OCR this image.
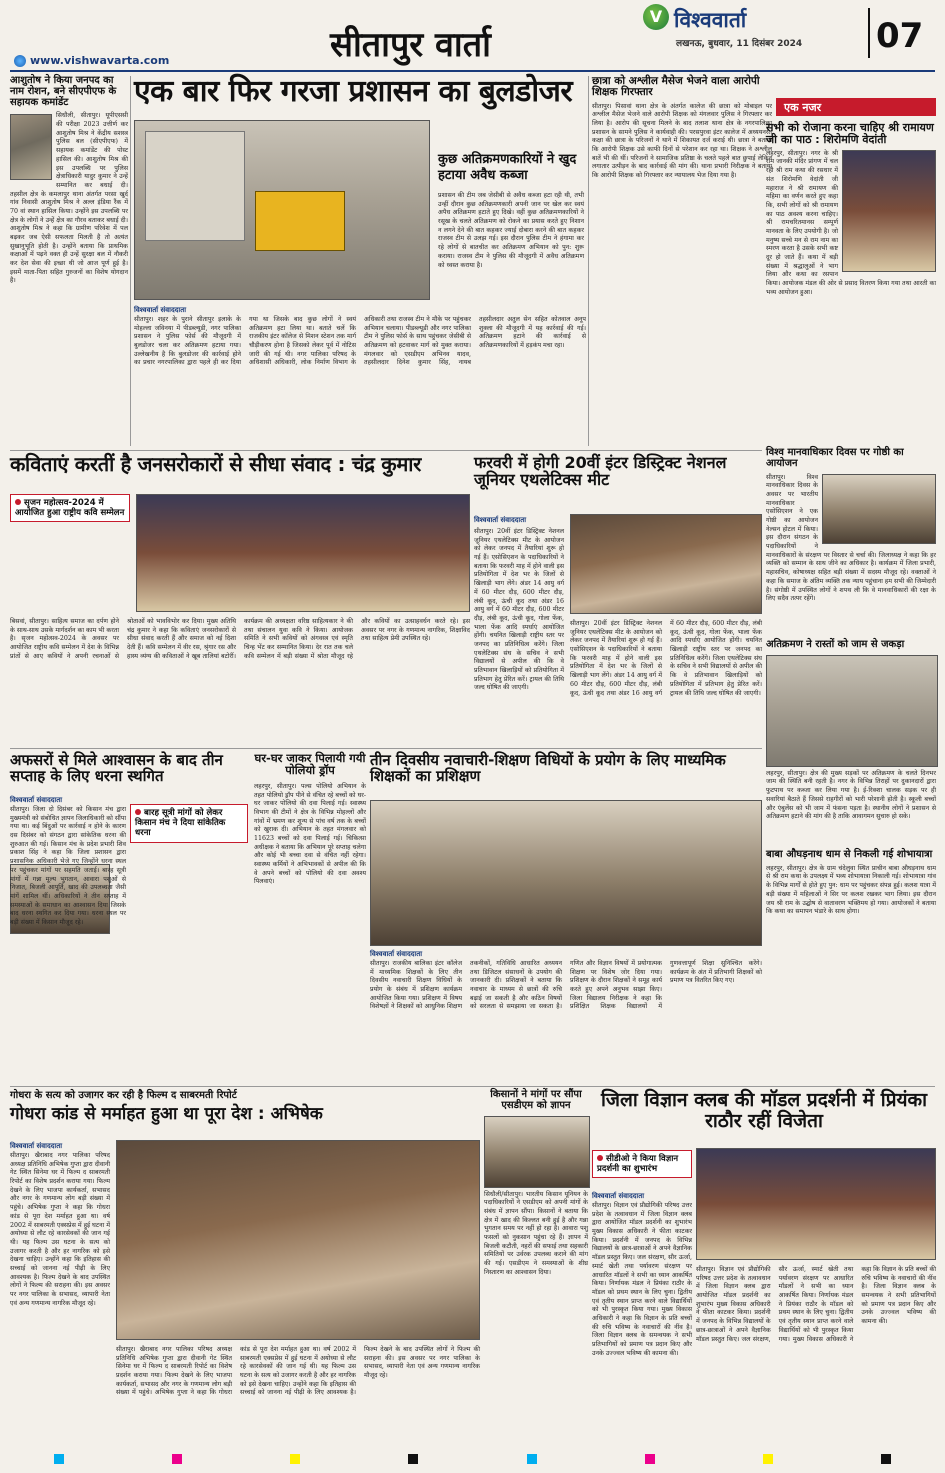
सीतापुर वार्ता
V विश्ववार्ता
लखनऊ, बुधवार, 11 दिसंबर 2024	07
www.vishwavarta.com
आशुतोष ने किया जनपद का नाम रोशन, बने सीएपीएफ के सहायक कमांडेंट
सिधौली, सीतापुर। यूपीएससी की परीक्षा 2023 उत्तीर्ण कर आशुतोष मिश्र ने केंद्रीय सशस्त्र पुलिस बल (सीएपीएफ) में सहायक कमांडेंट की पोस्ट हासिल की। आशुतोष मिश्र की इस उपलब्धि पर पुलिस क्षेत्राधिकारी यादुर कुमार ने उन्हें सम्मानित कर बधाई दी। तहसील क्षेत्र के कमलापुर थाना अंतर्गत परसा खुर्द गांव निवासी आशुतोष मिश्र ने अल्ल इंडिया रैंक में 70 वां स्थान हासिल किया। उन्होंने इस उपलब्धि पर क्षेत्र के लोगों ने उन्हें क्षेत्र का गौरव बताकर बधाई दी। आशुतोष मिश्र ने कहा कि ग्रामीण परिवेश में पल बढ़कर जब ऐसी सफलता मिलती है तो अत्यंत सुखानुभूति होती है। उन्होंने बताया कि प्राथमिक कक्षाओं में पढ़ने वक्त ही उन्हें सुरक्षा बल में नौकरी कर देश सेवा की इच्छा थी जो आज पूर्ण हुई है। इसमें माता-पिता सहित गुरुजनों का विशेष योगदान है।
एक बार फिर गरजा प्रशासन का बुलडोजर
कुछ अतिक्रमणकारियों ने खुद हटाया अवैध कब्जा
प्रशासन की टीम जब जेसीबी से अवैध कब्जा हटा रही थी, तभी उन्हीं दौरान कुछ अतिक्रमणकारी अपनी जान पर खेल कर स्वयं अपैध अतिक्रमण हटाते हुए दिखे। वहीं कुछ अतिक्रमणकारियों ने रसूख के चलते अतिक्रमण को रोकने का प्रयास करते हुए निशान न लगने देने की बात कहकर ज्याई दोबारा करने की बात कहकर राजस्व टीम से उलझ गई। इस दौरान पुलिस टीम ने हंगामा कर रहे लोगों से बातचीत कर अतिक्रमण अभियान को पुन: शुरू कराया। राजस्व टीम ने पुलिस की मौजूदगी में अवैध अतिक्रमण को ध्वस्त कराया है।
विश्ववार्ता संवाददाता
सीतापुर। शहर के पुराने सीतापुर इलाके के मोहल्ला जविनया में पीडब्ल्यूडी, नगर पालिका प्रशासन ने पुलिस फोर्स की मौजूदगी में बुलडोजर चला कर अतिक्रमण हटाया गया। उल्लेखनीय है कि बुलडोजर की कार्रवाई होने का प्रचार नगरपालिका द्वारा पहले ही कर दिया गया था जिसके बाद कुछ लोगों ने स्वयं अतिक्रमण हटा लिया था। बताते चलें कि राजकीय इंटर कॉलेज से मिशन स्टेशन तक मार्ग चौड़ीकरण होना है जिसको लेकर पूर्व में नोटिस जारी की गई थी। नगर पालिका परिषद के अधिशासी अधिकारी, लोक निर्माण विभाग के अधिकारी तथा राजस्व टीम ने मौके पर पहुंचकर अभियान चलाया। पीडब्ल्यूडी और नगर पालिका टीम ने पुलिस फोर्स के साथ पहुंचकर जेसीबी से अतिक्रमण को हटवाकर मार्ग को मुक्त कराया। मंगलवार को एसडीएम अभिनव यादव, तहसीलदार दिनेश कुमार सिंह, नायब तहसीलदार अतुल सेन सहित कोतवाल अनूप शुक्ला की मौजूदगी में यह कार्रवाई की गई। अतिक्रमण हटाने की कार्रवाई से अतिक्रमणकारियों में हड़कंप मचा रहा।
छात्रा को अश्लील मैसेज भेजने वाला आरोपी शिक्षक गिरफ्तार
सीतापुर। पिसावां थाना क्षेत्र के अंतर्गत कालेज की छात्रा को मोबाइल पर अश्लील मैसेज भेजने वाले आरोपी शिक्षक को मंगलवार पुलिस ने गिरफ्तार कर लिया है। आरोप की सूचना मिलने के बाद तलाश थाना क्षेत्र के नगरपालिका प्रशासन के सामने पुलिस ने कार्यवाही की। परसपुरवा इंटर कालेज में अध्ययनरत कक्षा की छात्रा के परिजनों ने थाने में शिकायत दर्ज कराई थी। छात्रा ने बताया कि आरोपी शिक्षक उसे काफी दिनों से परेशान कर रहा था। शिक्षक ने अश्लील बातें भी की थीं। परिजनों ने सामाजिक प्रतिष्ठा के चलते पहले बात छुपाई लेकिन लगातार उत्पीड़न के बाद कार्रवाई की मांग की। थाना प्रभारी निरीक्षक ने बताया कि आरोपी शिक्षक को गिरफ्तार कर न्यायालय भेज दिया गया है।
एक नजर
सभी को रोजाना करना चाहिए श्री रामायण जी का पाठ : शिरोमणि वेदांती
लहरपुर, सीतापुर। नगर के श्री राम जानकी मंदिर प्रांगण में चल रही श्री राम कथा की रसधार में संत शिरोमणि वेदांती जी महाराज ने श्री रामायण की महिमा का वर्णन करते हुए कहा कि, सभी लोगों को श्री रामायण का पाठ अवश्य करना चाहिए। श्री रामचरितमानस सम्पूर्ण मानवता के लिए उपयोगी है। जो मनुष्य सच्चे मन से राम नाम का स्मरण करता है उसके सभी कष्ट दूर हो जाते हैं। कथा में बड़ी संख्या में श्रद्धालुओं ने भाग लिया और कथा का रसपान किया। आयोजक मंडल की ओर से प्रसाद वितरण किया गया तथा आरती का भव्य आयोजन हुआ।
विश्व मानवाधिकार दिवस पर गोष्ठी का आयोजन
सीतापुर। विश्व मानवाधिकार दिवस के अवसर पर भारतीय मानवाधिकार एसोसिएशन ने एक गोष्ठी का आयोजन नेल्सन होटल में किया। इस दौरान संगठन के पदाधिकारियों ने मानवाधिकारों के संरक्षण पर विस्तार से चर्चा की। जिलाध्यक्ष ने कहा कि हर व्यक्ति को सम्मान के साथ जीने का अधिकार है। कार्यक्रम में जिला प्रभारी, महासचिव, कोषाध्यक्ष सहित बड़ी संख्या में सदस्य मौजूद रहे। वक्ताओं ने कहा कि समाज के अंतिम व्यक्ति तक न्याय पहुंचाना हम सभी की जिम्मेदारी है। संगोष्ठी में उपस्थित लोगों ने शपथ ली कि वे मानवाधिकारों की रक्षा के लिए सदैव तत्पर रहेंगे।
अतिक्रमण ने रास्तों को जाम से जकड़ा
लहरपुर, सीतापुर। क्षेत्र की मुख्य सड़कों पर अतिक्रमण के चलते दिनभर जाम की स्थिति बनी रहती है। नगर के विभिन्न तिराहों पर दुकानदारों द्वारा फुटपाथ पर कब्जा कर लिया गया है। ई-रिक्शा चालक सड़क पर ही सवारियां बैठाते हैं जिससे राहगीरों को भारी परेशानी होती है। स्कूली बच्चों और एंबुलेंस को भी जाम में फंसना पड़ता है। स्थानीय लोगों ने प्रशासन से अतिक्रमण हटाने की मांग की है ताकि आवागमन सुचारु हो सके।
बाबा औघड़नाथ धाम से निकली गई शोभायात्रा
लहरपुर, सीतापुर। क्षेत्र के ग्राम चंदेलुवा स्थित प्राचीन बाबा औघड़नाथ धाम से श्री राम कथा के उपलक्ष्य में भव्य शोभायात्रा निकाली गई। शोभायात्रा गांव के विभिन्न मार्गों से होते हुए पुन: धाम पर पहुंचकर संपन्न हुई। कलश यात्रा में बड़ी संख्या में महिलाओं ने सिर पर कलश रखकर भाग लिया। इस दौरान जय श्री राम के उद्घोष से वातावरण भक्तिमय हो गया। आयोजकों ने बताया कि कथा का समापन भंडारे के साथ होगा।
कविताएं करतीं है जनसरोकारों से सीधा संवाद : चंद्र कुमार
सृजन महोत्सव-2024 में आयोजित हुआ राष्ट्रीय कवि सम्मेलन
बिसवां, सीतापुर। साहित्य समाज का दर्पण होने के साथ-साथ उसके मार्गदर्शन का काम भी करता है। सृजन महोत्सव-2024 के अवसर पर आयोजित राष्ट्रीय कवि सम्मेलन में देश के विभिन्न प्रांतों से आए कवियों ने अपनी रचनाओं से श्रोताओं को भावविभोर कर दिया। मुख्य अतिथि चंद्र कुमार ने कहा कि कविताएं जनसरोकारों से सीधा संवाद करती हैं और समाज को नई दिशा देती हैं। कवि सम्मेलन में वीर रस, श्रृंगार रस और हास्य व्यंग्य की कविताओं ने खूब तालियां बटोरीं। कार्यक्रम की अध्यक्षता वरिष्ठ साहित्यकार ने की तथा संचालन युवा कवि ने किया। आयोजक समिति ने सभी कवियों को अंगवस्त्र एवं स्मृति चिन्ह भेंट कर सम्मानित किया। देर रात तक चले कवि सम्मेलन में बड़ी संख्या में श्रोता मौजूद रहे और कवियों का उत्साहवर्धन करते रहे। इस अवसर पर नगर के गणमान्य नागरिक, शिक्षाविद तथा साहित्य प्रेमी उपस्थित रहे।
फरवरी में होगी 20वीं इंटर डिस्ट्रिक्ट नेशनल जूनियर एथलेटिक्स मीट
विश्ववार्ता संवाददाता
सीतापुर। 20वीं इंटर डिस्ट्रिक्ट नेशनल जूनियर एथलेटिक्स मीट के आयोजन को लेकर जनपद में तैयारियां शुरू हो गई हैं। एसोसिएशन के पदाधिकारियों ने बताया कि फरवरी माह में होने वाली इस प्रतियोगिता में देश भर के जिलों से खिलाड़ी भाग लेंगे। अंडर 14 आयु वर्ग में 60 मीटर दौड़, 600 मीटर दौड़, लंबी कूद, ऊंची कूद तथा अंडर 16 आयु वर्ग में 60 मीटर दौड़, 600 मीटर दौड़, लंबी कूद, ऊंची कूद, गोला फेंक, भाला फेंक आदि स्पर्धाएं आयोजित होंगी। चयनित खिलाड़ी राष्ट्रीय स्तर पर जनपद का प्रतिनिधित्व करेंगे। जिला एथलेटिक्स संघ के सचिव ने सभी विद्यालयों से अपील की कि वे प्रतिभावान खिलाड़ियों को प्रतियोगिता में प्रतिभाग हेतु प्रेरित करें। ट्रायल की तिथि जल्द घोषित की जाएगी।
सीतापुर। 20वीं इंटर डिस्ट्रिक्ट नेशनल जूनियर एथलेटिक्स मीट के आयोजन को लेकर जनपद में तैयारियां शुरू हो गई हैं। एसोसिएशन के पदाधिकारियों ने बताया कि फरवरी माह में होने वाली इस प्रतियोगिता में देश भर के जिलों से खिलाड़ी भाग लेंगे। अंडर 14 आयु वर्ग में 60 मीटर दौड़, 600 मीटर दौड़, लंबी कूद, ऊंची कूद तथा अंडर 16 आयु वर्ग में 60 मीटर दौड़, 600 मीटर दौड़, लंबी कूद, ऊंची कूद, गोला फेंक, भाला फेंक आदि स्पर्धाएं आयोजित होंगी। चयनित खिलाड़ी राष्ट्रीय स्तर पर जनपद का प्रतिनिधित्व करेंगे। जिला एथलेटिक्स संघ के सचिव ने सभी विद्यालयों से अपील की कि वे प्रतिभावान खिलाड़ियों को प्रतियोगिता में प्रतिभाग हेतु प्रेरित करें। ट्रायल की तिथि जल्द घोषित की जाएगी।
अफसरों से मिले आश्वासन के बाद तीन सप्ताह के लिए धरना स्थगित
विश्ववार्ता संवाददाता
बारह सूत्री मांगों को लेकर किसान मंच ने दिया सांकेतिक धरना
सीतापुर। जिला दो दिसंबर को किसान मंच द्वारा मुख्यमंत्री को संबोधित ज्ञापन जिलाधिकारी को सौंपा गया था। कई बिंदुओं पर कार्रवाई न होने के कारण दस दिसंबर को संगठन द्वारा सांकेतिक धरना की शुरुआत की गई। किसान मंच के प्रदेश प्रभारी शिव प्रकाश सिंह ने कहा कि जिला प्रशासन द्वारा प्रशासनिक अधिकारी भेजे गए जिन्होंने धरना स्थल पर पहुंचकर मांगों पर सहमति जताई। बारह सूत्री मांगों में गन्ना मूल्य भुगतान, आवारा पशुओं से निजात, बिजली आपूर्ति, खाद की उपलब्धता जैसी मांगें शामिल थीं। अधिकारियों ने तीन सप्ताह में समस्याओं के समाधान का आश्वासन दिया जिसके बाद धरना स्थगित कर दिया गया। धरना स्थल पर बड़ी संख्या में किसान मौजूद रहे।
घर-घर जाकर पिलायी गयी पोलियो ड्रॉप
लहरपुर, सीतापुर। पल्स पोलियो अभियान के तहत पोलियो ड्रॉप पीने से वंचित रहे बच्चों को घर-घर जाकर पोलियो की दवा पिलाई गई। स्वास्थ्य विभाग की टीमों ने क्षेत्र के विभिन्न मोहल्लों और गांवों में भ्रमण कर शून्य से पांच वर्ष तक के बच्चों को खुराक दी। अभियान के तहत मंगलवार को 11623 बच्चों को दवा पिलाई गई। चिकित्सा अधीक्षक ने बताया कि अभियान पूरे सप्ताह चलेगा और कोई भी बच्चा दवा से वंचित नहीं रहेगा। स्वास्थ्य कर्मियों ने अभिभावकों से अपील की कि वे अपने बच्चों को पोलियो की दवा अवश्य पिलवाएं।
तीन दिवसीय नवाचारी-शिक्षण विधियों के प्रयोग के लिए माध्यमिक शिक्षकों का प्रशिक्षण
विश्ववार्ता संवाददाता
सीतापुर। राजकीय बालिका इंटर कॉलेज में माध्यमिक शिक्षकों के लिए तीन दिवसीय नवाचारी शिक्षण विधियों के प्रयोग के संबंध में प्रशिक्षण कार्यक्रम आयोजित किया गया। प्रशिक्षण में विषय विशेषज्ञों ने शिक्षकों को आधुनिक शिक्षण तकनीकों, गतिविधि आधारित अध्ययन तथा डिजिटल संसाधनों के उपयोग की जानकारी दी। प्रशिक्षकों ने बताया कि नवाचार के माध्यम से छात्रों की रुचि बढ़ाई जा सकती है और कठिन विषयों को सरलता से समझाया जा सकता है। गणित और विज्ञान विषयों में प्रयोगात्मक शिक्षण पर विशेष जोर दिया गया। प्रशिक्षण के दौरान शिक्षकों ने समूह कार्य करते हुए अपने अनुभव साझा किए। जिला विद्यालय निरीक्षक ने कहा कि प्रशिक्षित शिक्षक विद्यालयों में गुणवत्तापूर्ण शिक्षा सुनिश्चित करेंगे। कार्यक्रम के अंत में प्रतिभागी शिक्षकों को प्रमाण पत्र वितरित किए गए।
गोधरा के सत्य को उजागर कर रही है फिल्म द साबरमती रिपोर्ट
गोधरा कांड से मर्माहत हुआ था पूरा देश : अभिषेक
विश्ववार्ता संवाददाता
सीतापुर। खैराबाद नगर पालिका परिषद अध्यक्ष प्रतिनिधि अभिषेक गुप्ता द्वारा दीवानी गेट स्थित सिनेमा घर में फिल्म द साबरमती रिपोर्ट का विशेष प्रदर्शन कराया गया। फिल्म देखने के लिए भाजपा कार्यकर्ता, सभासद और नगर के गणमान्य लोग बड़ी संख्या में पहुंचे। अभिषेक गुप्ता ने कहा कि गोधरा कांड से पूरा देश मर्माहत हुआ था। वर्ष 2002 में साबरमती एक्सप्रेस में हुई घटना में अयोध्या से लौट रहे कारसेवकों की जान गई थी। यह फिल्म उस घटना के सत्य को उजागर करती है और हर नागरिक को इसे देखना चाहिए। उन्होंने कहा कि इतिहास की सच्चाई को जानना नई पीढ़ी के लिए आवश्यक है। फिल्म देखने के बाद उपस्थित लोगों ने फिल्म की सराहना की। इस अवसर पर नगर पालिका के सभासद, व्यापारी नेता एवं अन्य गणमान्य नागरिक मौजूद रहे।
सीतापुर। खैराबाद नगर पालिका परिषद अध्यक्ष प्रतिनिधि अभिषेक गुप्ता द्वारा दीवानी गेट स्थित सिनेमा घर में फिल्म द साबरमती रिपोर्ट का विशेष प्रदर्शन कराया गया। फिल्म देखने के लिए भाजपा कार्यकर्ता, सभासद और नगर के गणमान्य लोग बड़ी संख्या में पहुंचे। अभिषेक गुप्ता ने कहा कि गोधरा कांड से पूरा देश मर्माहत हुआ था। वर्ष 2002 में साबरमती एक्सप्रेस में हुई घटना में अयोध्या से लौट रहे कारसेवकों की जान गई थी। यह फिल्म उस घटना के सत्य को उजागर करती है और हर नागरिक को इसे देखना चाहिए। उन्होंने कहा कि इतिहास की सच्चाई को जानना नई पीढ़ी के लिए आवश्यक है। फिल्म देखने के बाद उपस्थित लोगों ने फिल्म की सराहना की। इस अवसर पर नगर पालिका के सभासद, व्यापारी नेता एवं अन्य गणमान्य नागरिक मौजूद रहे।
किसानों ने मांगों पर सौंपा एसडीएम को ज्ञापन
सिधौली/सीतापुर। भारतीय किसान यूनियन के पदाधिकारियों ने एसडीएम को अपनी मांगों के संबंध में ज्ञापन सौंपा। किसानों ने बताया कि क्षेत्र में खाद की किल्लत बनी हुई है और गन्ना भुगतान समय पर नहीं हो रहा है। आवारा पशु फसलों को नुकसान पहुंचा रहे हैं। ज्ञापन में बिजली कटौती, नहरों की सफाई तथा सहकारी समितियों पर उर्वरक उपलब्ध कराने की मांग की गई। एसडीएम ने समस्याओं के शीघ्र निस्तारण का आश्वासन दिया।
जिला विज्ञान क्लब की मॉडल प्रदर्शनी में प्रियंका राठौर रहीं विजेता
सीडीओ ने किया विज्ञान प्रदर्शनी का शुभारंभ
विश्ववार्ता संवाददाता
सीतापुर। विज्ञान एवं प्रौद्योगिकी परिषद उत्तर प्रदेश के तत्वावधान में जिला विज्ञान क्लब द्वारा आयोजित मॉडल प्रदर्शनी का शुभारंभ मुख्य विकास अधिकारी ने फीता काटकर किया। प्रदर्शनी में जनपद के विभिन्न विद्यालयों के छात्र-छात्राओं ने अपने वैज्ञानिक मॉडल प्रस्तुत किए। जल संरक्षण, सौर ऊर्जा, स्मार्ट खेती तथा पर्यावरण संरक्षण पर आधारित मॉडलों ने सभी का ध्यान आकर्षित किया। निर्णायक मंडल ने प्रियंका राठौर के मॉडल को प्रथम स्थान के लिए चुना। द्वितीय एवं तृतीय स्थान प्राप्त करने वाले विद्यार्थियों को भी पुरस्कृत किया गया। मुख्य विकास अधिकारी ने कहा कि विज्ञान के प्रति बच्चों की रुचि भविष्य के नवाचारों की नींव है। जिला विज्ञान क्लब के समन्वयक ने सभी प्रतिभागियों को प्रमाण पत्र प्रदान किए और उनके उज्ज्वल भविष्य की कामना की।
सीतापुर। विज्ञान एवं प्रौद्योगिकी परिषद उत्तर प्रदेश के तत्वावधान में जिला विज्ञान क्लब द्वारा आयोजित मॉडल प्रदर्शनी का शुभारंभ मुख्य विकास अधिकारी ने फीता काटकर किया। प्रदर्शनी में जनपद के विभिन्न विद्यालयों के छात्र-छात्राओं ने अपने वैज्ञानिक मॉडल प्रस्तुत किए। जल संरक्षण, सौर ऊर्जा, स्मार्ट खेती तथा पर्यावरण संरक्षण पर आधारित मॉडलों ने सभी का ध्यान आकर्षित किया। निर्णायक मंडल ने प्रियंका राठौर के मॉडल को प्रथम स्थान के लिए चुना। द्वितीय एवं तृतीय स्थान प्राप्त करने वाले विद्यार्थियों को भी पुरस्कृत किया गया। मुख्य विकास अधिकारी ने कहा कि विज्ञान के प्रति बच्चों की रुचि भविष्य के नवाचारों की नींव है। जिला विज्ञान क्लब के समन्वयक ने सभी प्रतिभागियों को प्रमाण पत्र प्रदान किए और उनके उज्ज्वल भविष्य की कामना की।
